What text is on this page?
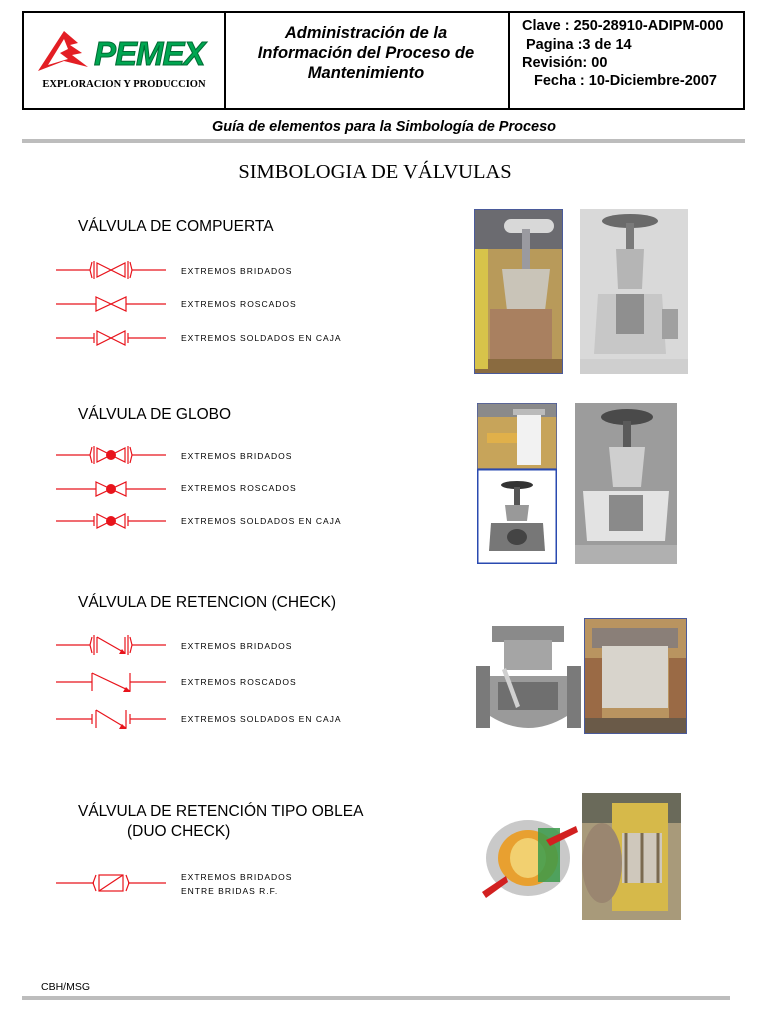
PEMEX
EXPLORACION Y PRODUCCION
Administración de la
Información del Proceso de
Mantenimiento
Clave : 250-28910-ADIPM-000
Pagina :3 de 14
Revisión: 00
Fecha : 10-Diciembre-2007
Guía de elementos para la Simbología de Proceso
SIMBOLOGIA DE VÁLVULAS
VÁLVULA DE COMPUERTA
EXTREMOS BRIDADOS
EXTREMOS ROSCADOS
EXTREMOS SOLDADOS EN CAJA
VÁLVULA DE GLOBO
EXTREMOS BRIDADOS
EXTREMOS ROSCADOS
EXTREMOS SOLDADOS EN CAJA
VÁLVULA DE RETENCION (CHECK)
EXTREMOS BRIDADOS
EXTREMOS ROSCADOS
EXTREMOS SOLDADOS EN CAJA
VÁLVULA DE RETENCIÓN TIPO OBLEA
(DUO CHECK)
EXTREMOS BRIDADOS
ENTRE BRIDAS R.F.
CBH/MSG
